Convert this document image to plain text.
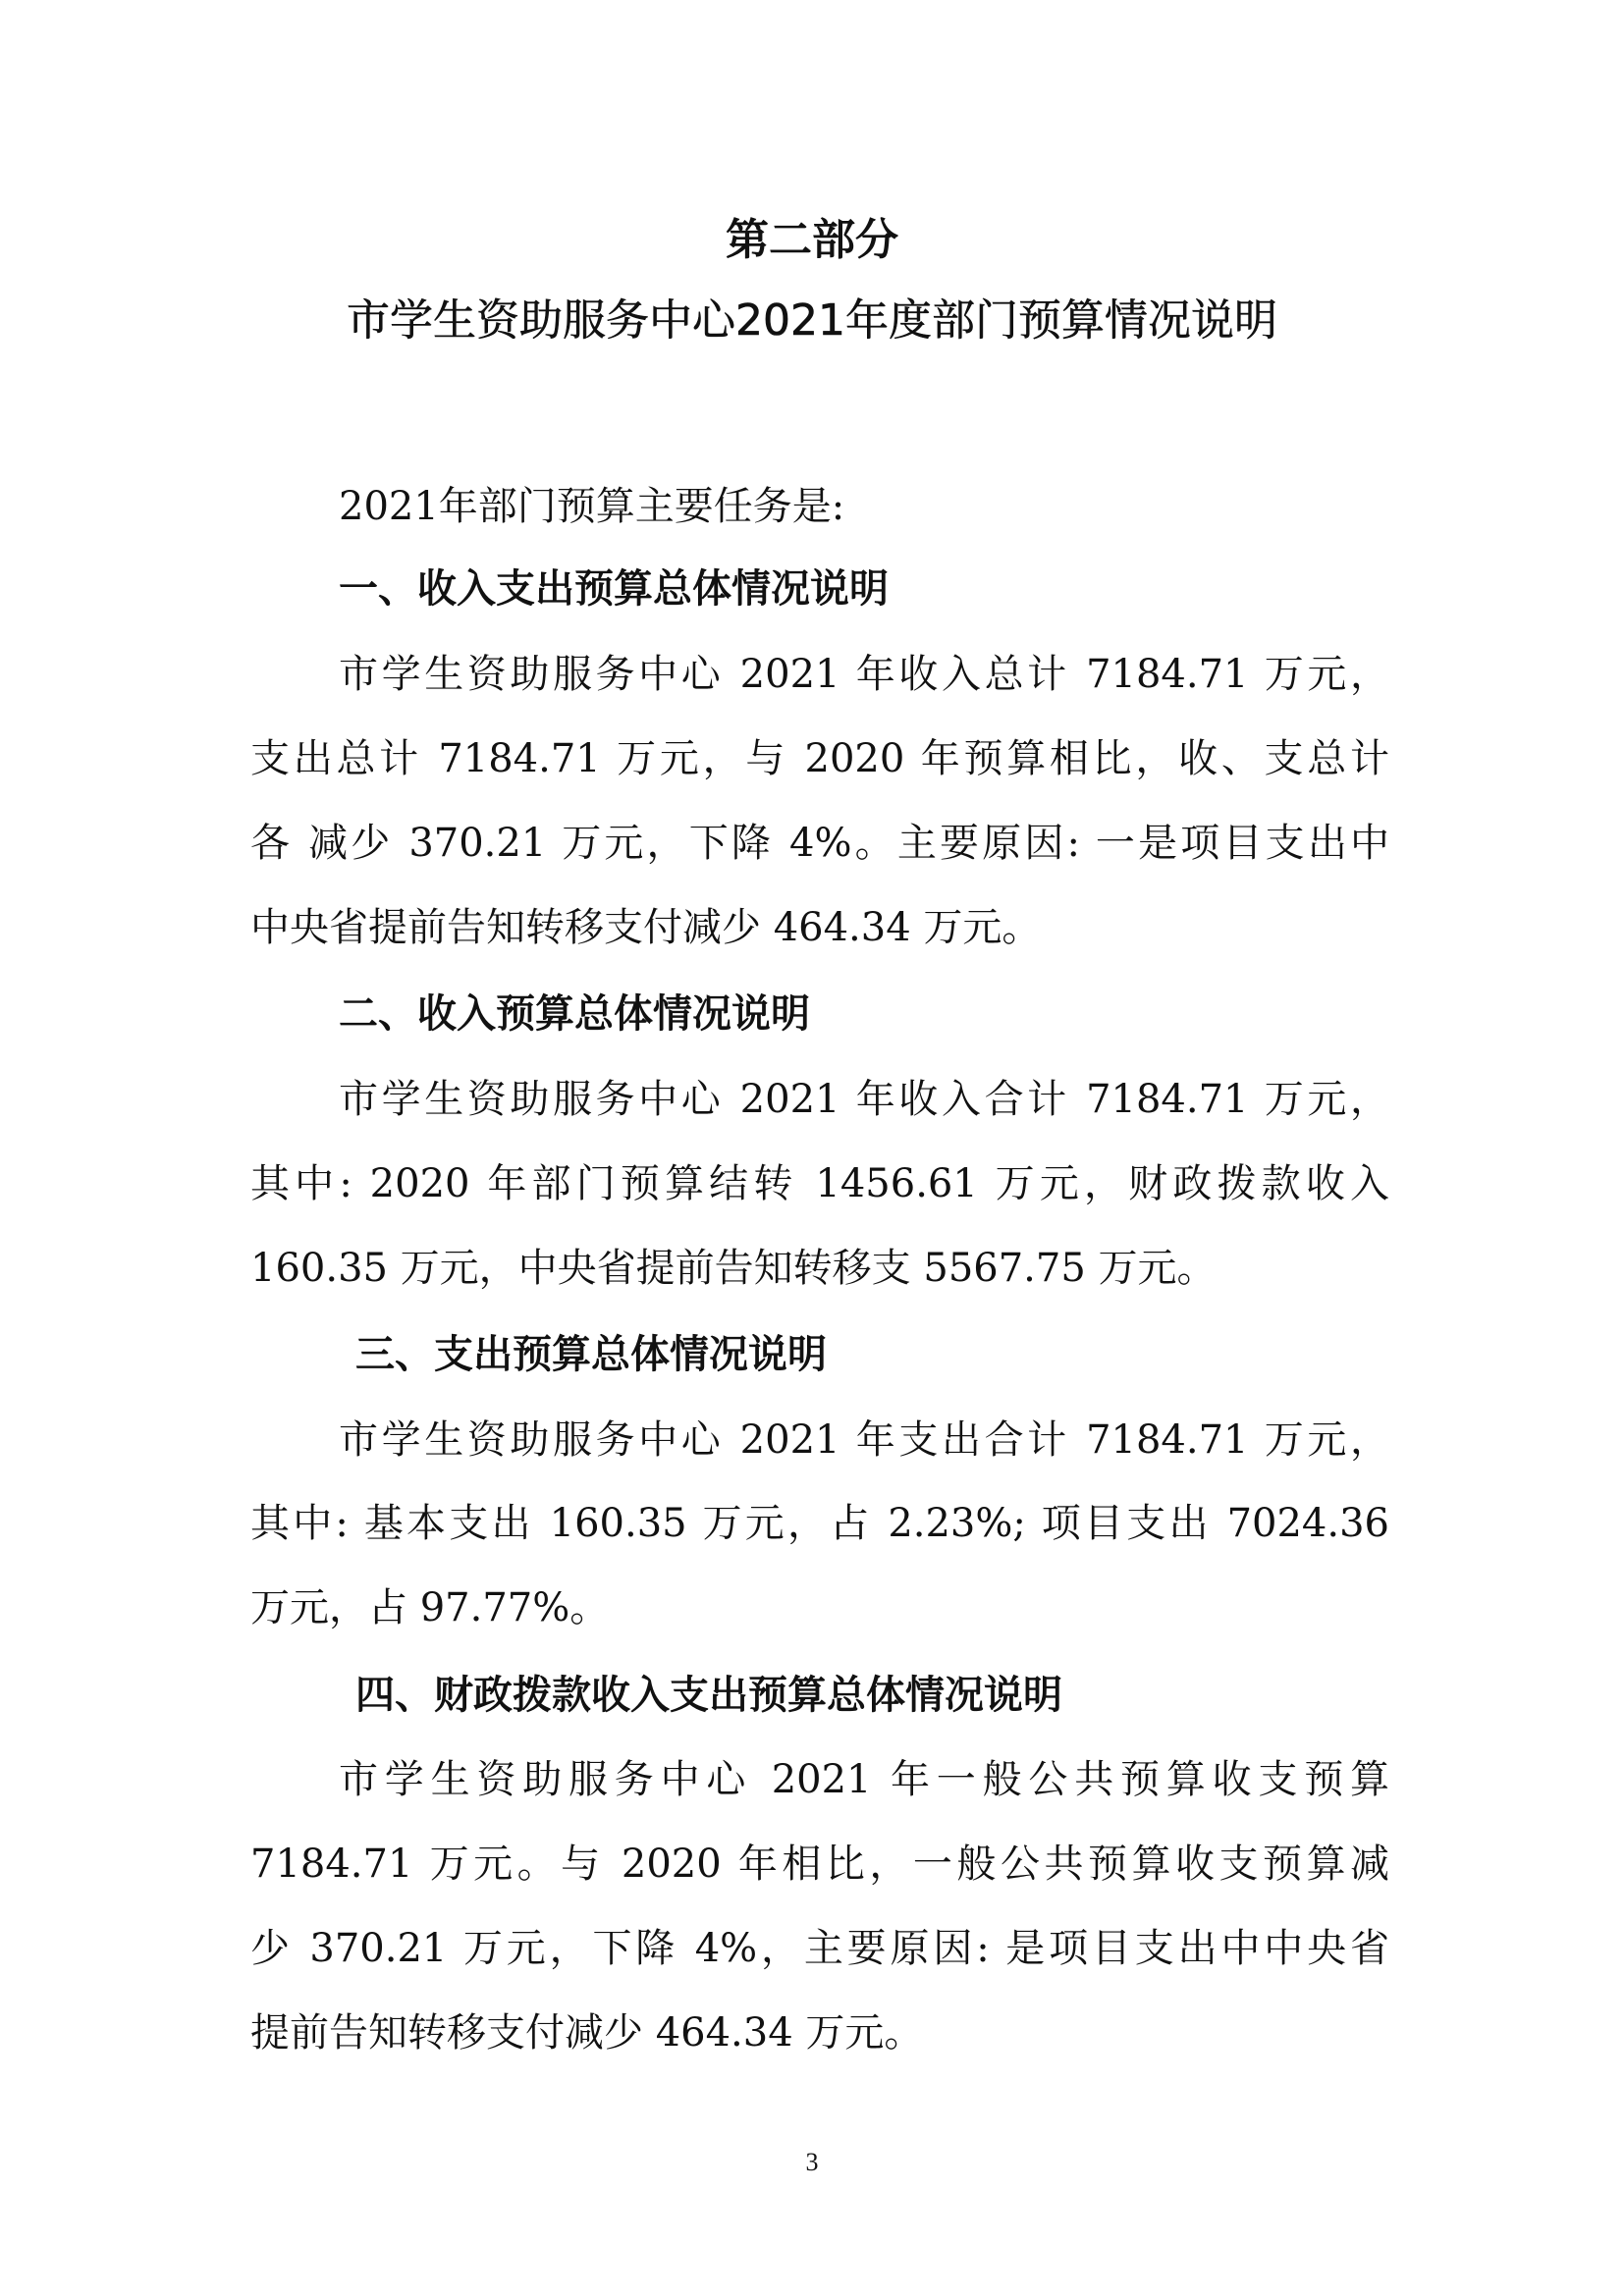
第二部分
市学生资助服务中心2021年度部门预算情况说明
2021年部门预算主要任务是:
一、收入支出预算总体情况说明
市学生资助服务中心 2021 年收入总计 7184.71 万元，
支出总计 7184.71 万元，与 2020 年预算相比，收、支总计
各 减少 370.21 万元，下降 4%。主要原因: 一是项目支出中
中央省提前告知转移支付减少 464.34 万元。
二、收入预算总体情况说明
市学生资助服务中心 2021 年收入合计 7184.71 万元，
其中: 2020 年部门预算结转 1456.61 万元，财政拨款收入
160.35 万元，中央省提前告知转移支 5567.75 万元。
三、支出预算总体情况说明
市学生资助服务中心 2021 年支出合计 7184.71 万元，
其中: 基本支出 160.35 万元，占 2.23%; 项目支出 7024.36
万元，占 97.77%。
四、财政拨款收入支出预算总体情况说明
市学生资助服务中心 2021 年一般公共预算收支预算
7184.71 万元。与 2020 年相比，一般公共预算收支预算减
少 370.21 万元，下降 4%，主要原因: 是项目支出中中央省
提前告知转移支付减少 464.34 万元。
3
